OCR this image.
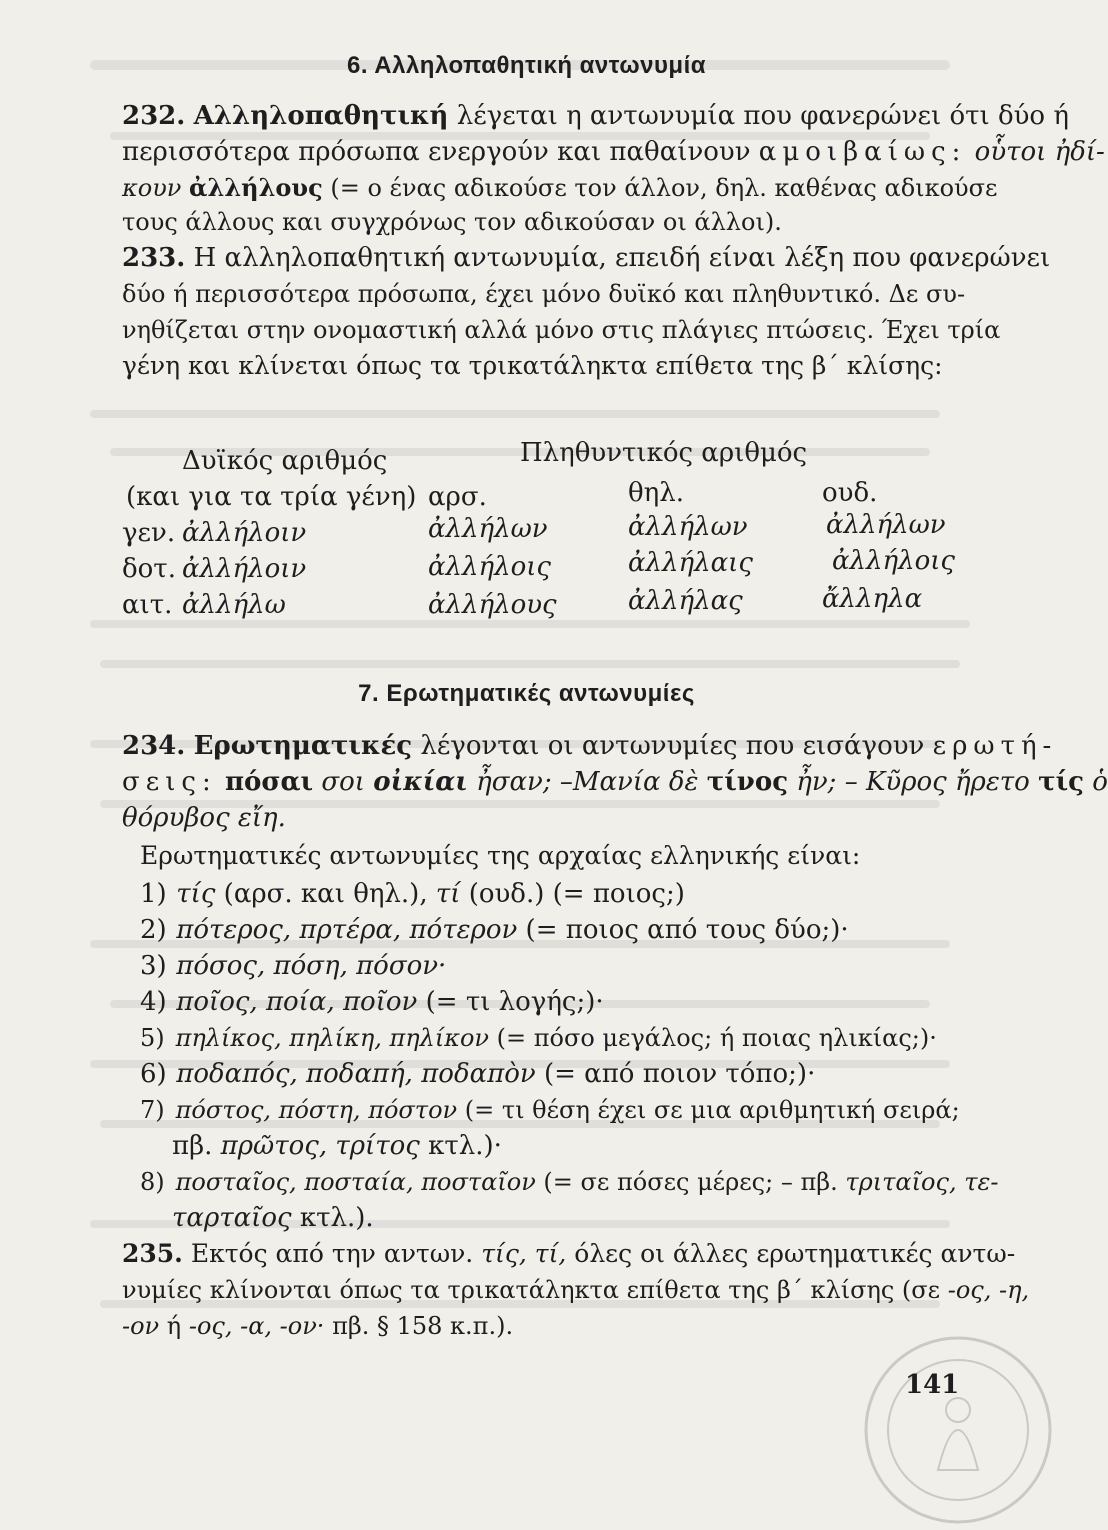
6. Αλληλοπαθητική αντωνυμία
232. Αλληλοπαθητική λέγεται η αντωνυμία που φανερώνει ότι δύο ή
περισσότερα πρόσωπα ενεργούν και παθαίνουν αμοιβαίως: οὗτοι ἠδί-
κουν ἀλλήλους (= ο ένας αδικούσε τον άλλον, δηλ. καθένας αδικούσε
τους άλλους και συγχρόνως τον αδικούσαν οι άλλοι).
233. Η αλληλοπαθητική αντωνυμία, επειδή είναι λέξη που φανερώνει
δύο ή περισσότερα πρόσωπα, έχει μόνο δυϊκό και πληθυντικό. Δε συ-
νηθίζεται στην ονομαστική αλλά μόνο στις πλάγιες πτώσεις. Έχει τρία
γένη και κλίνεται όπως τα τρικατάληκτα επίθετα της β΄ κλίσης:
Δυϊκός αριθμός	Πληθυντικός αριθμός
(και για τα τρία γένη) αρσ.	θηλ.	ουδ.
γεν. ἀλλήλοιν	ἀλλήλων	ἀλλήλων	ἀλλήλων
δοτ. ἀλλήλοιν	ἀλλήλοις	ἀλλήλαις	ἀλλήλοις
αιτ. ἀλλήλω	ἀλλήλους	ἀλλήλας	ἄλληλα
7. Ερωτηματικές αντωνυμίες
234. Ερωτηματικές λέγονται οι αντωνυμίες που εισάγουν ερωτή-
σεις: πόσαι σοι οἰκίαι ἦσαν; –Μανία δὲ τίνος ἦν; – Κῦρος ἤρετο τίς ὁ
θόρυβος εἴη.
Ερωτηματικές αντωνυμίες της αρχαίας ελληνικής είναι:
1) τίς (αρσ. και θηλ.), τί (ουδ.) (= ποιος;)
2) πότερος, πρτέρα, πότερον (= ποιος από τους δύο;)·
3) πόσος, πόση, πόσον·
4) ποῖος, ποία, ποῖον (= τι λογής;)·
5) πηλίκος, πηλίκη, πηλίκον (= πόσο μεγάλος; ή ποιας ηλικίας;)·
6) ποδαπός, ποδαπή, ποδαπὸν (= από ποιον τόπο;)·
7) πόστος, πόστη, πόστον (= τι θέση έχει σε μια αριθμητική σειρά;
πβ. πρῶτος, τρίτος κτλ.)·
8) ποσταῖος, ποσταία, ποσταῖον (= σε πόσες μέρες; – πβ. τριταῖος, τε-
ταρταῖος κτλ.).
235. Εκτός από την αντων. τίς, τί, όλες οι άλλες ερωτηματικές αντω-
νυμίες κλίνονται όπως τα τρικατάληκτα επίθετα της β΄ κλίσης (σε -ος, -η,
-ον ή -ος, -α, -ον· πβ. § 158 κ.π.).
141
